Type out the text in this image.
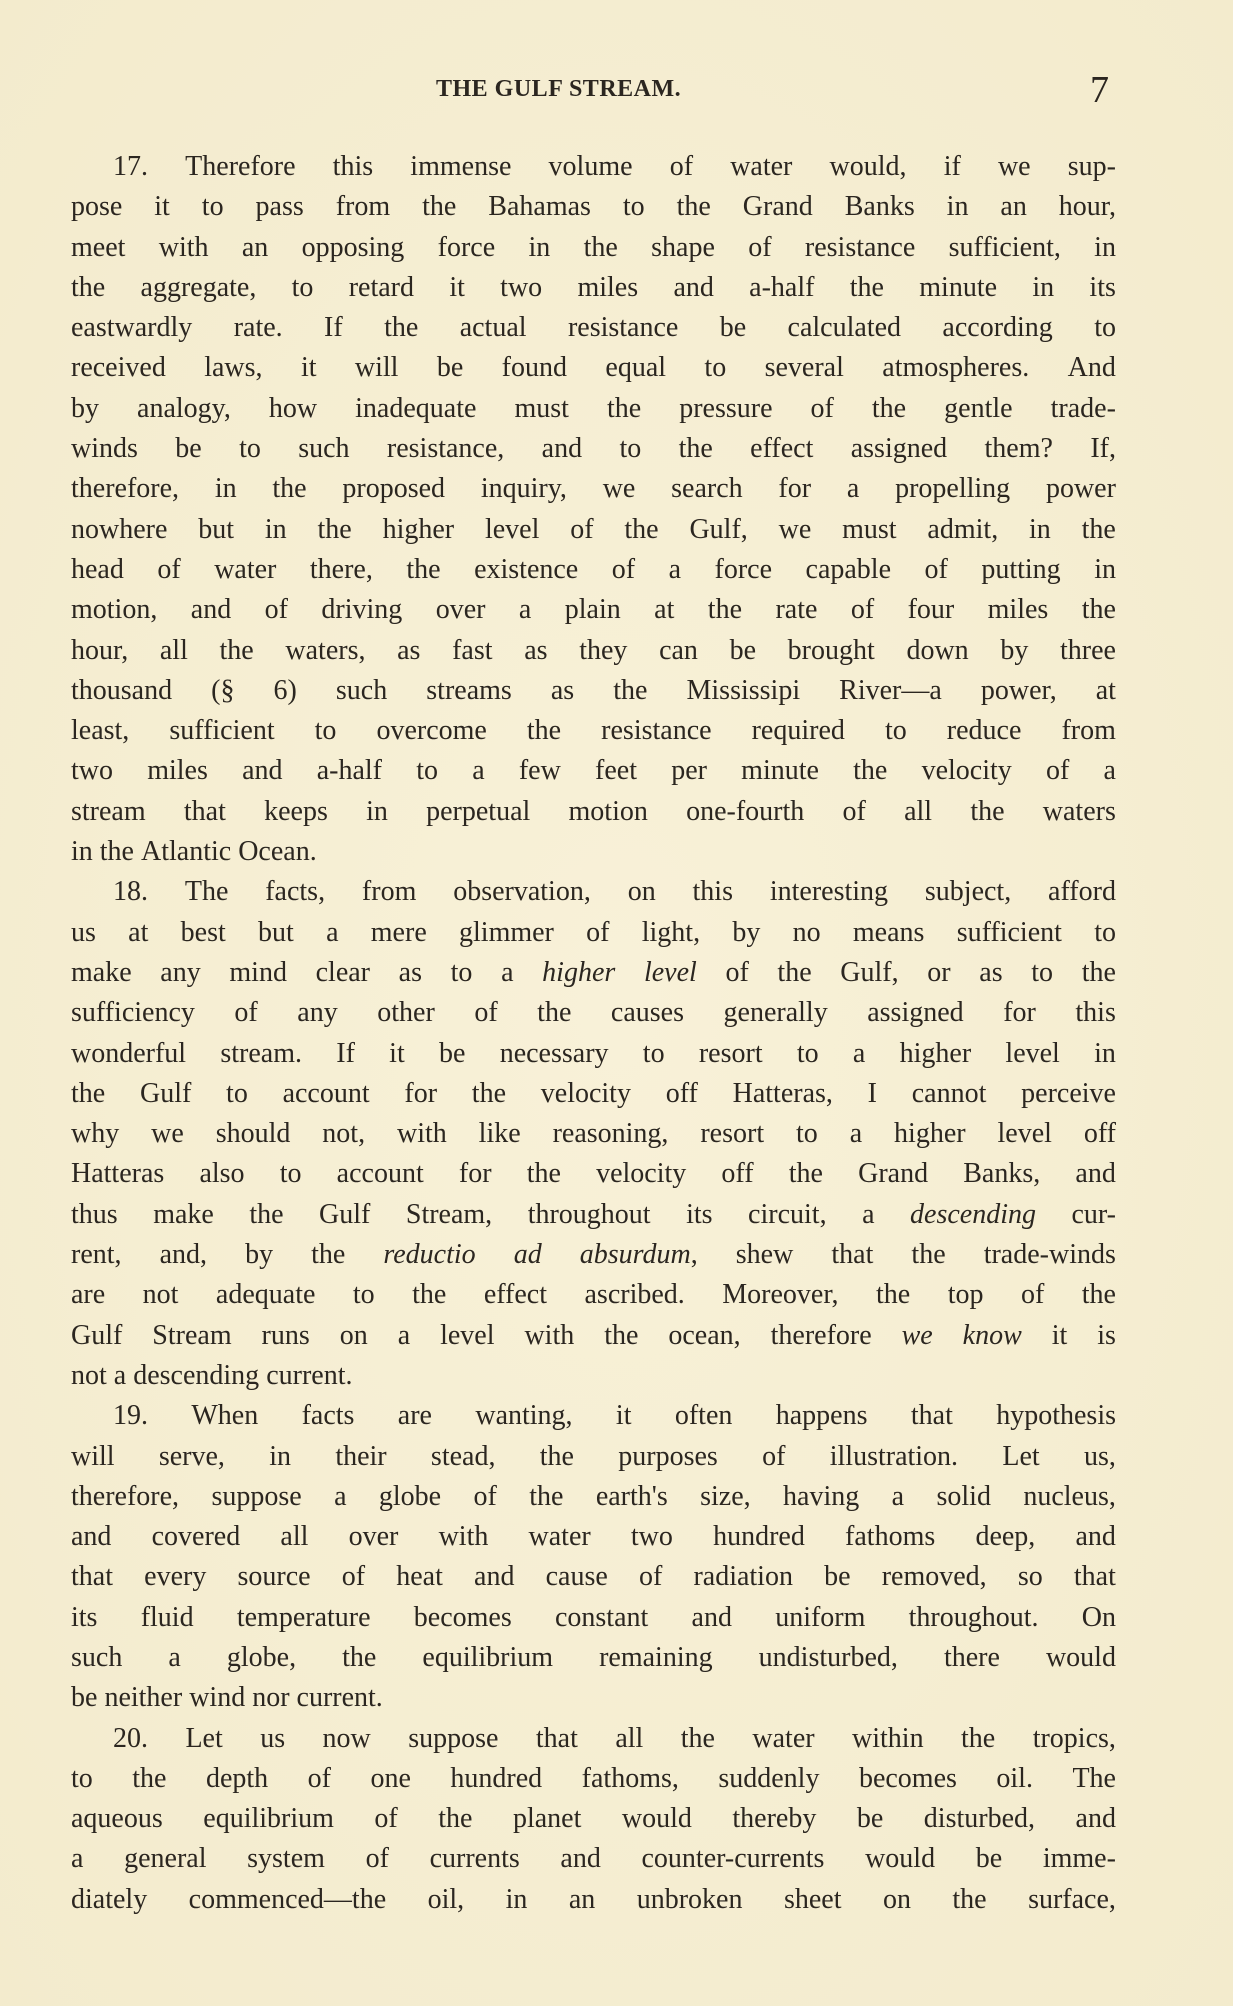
THE GULF STREAM.	7
17. Therefore this immense volume of water would, if we sup-
pose it to pass from the Bahamas to the Grand Banks in an hour,
meet with an opposing force in the shape of resistance sufficient, in
the aggregate, to retard it two miles and a-half the minute in its
eastwardly rate. If the actual resistance be calculated according to
received laws, it will be found equal to several atmospheres. And
by analogy, how inadequate must the pressure of the gentle trade-
winds be to such resistance, and to the effect assigned them? If,
therefore, in the proposed inquiry, we search for a propelling power
nowhere but in the higher level of the Gulf, we must admit, in the
head of water there, the existence of a force capable of putting in
motion, and of driving over a plain at the rate of four miles the
hour, all the waters, as fast as they can be brought down by three
thousand (§ 6) such streams as the Mississipi River—a power, at
least, sufficient to overcome the resistance required to reduce from
two miles and a-half to a few feet per minute the velocity of a
stream that keeps in perpetual motion one-fourth of all the waters
in the Atlantic Ocean.
18. The facts, from observation, on this interesting subject, afford
us at best but a mere glimmer of light, by no means sufficient to
make any mind clear as to a higher level of the Gulf, or as to the
sufficiency of any other of the causes generally assigned for this
wonderful stream. If it be necessary to resort to a higher level in
the Gulf to account for the velocity off Hatteras, I cannot perceive
why we should not, with like reasoning, resort to a higher level off
Hatteras also to account for the velocity off the Grand Banks, and
thus make the Gulf Stream, throughout its circuit, a descending cur-
rent, and, by the reductio ad absurdum, shew that the trade-winds
are not adequate to the effect ascribed. Moreover, the top of the
Gulf Stream runs on a level with the ocean, therefore we know it is
not a descending current.
19. When facts are wanting, it often happens that hypothesis
will serve, in their stead, the purposes of illustration. Let us,
therefore, suppose a globe of the earth's size, having a solid nucleus,
and covered all over with water two hundred fathoms deep, and
that every source of heat and cause of radiation be removed, so that
its fluid temperature becomes constant and uniform throughout. On
such a globe, the equilibrium remaining undisturbed, there would
be neither wind nor current.
20. Let us now suppose that all the water within the tropics,
to the depth of one hundred fathoms, suddenly becomes oil. The
aqueous equilibrium of the planet would thereby be disturbed, and
a general system of currents and counter-currents would be imme-
diately commenced—the oil, in an unbroken sheet on the surface,
